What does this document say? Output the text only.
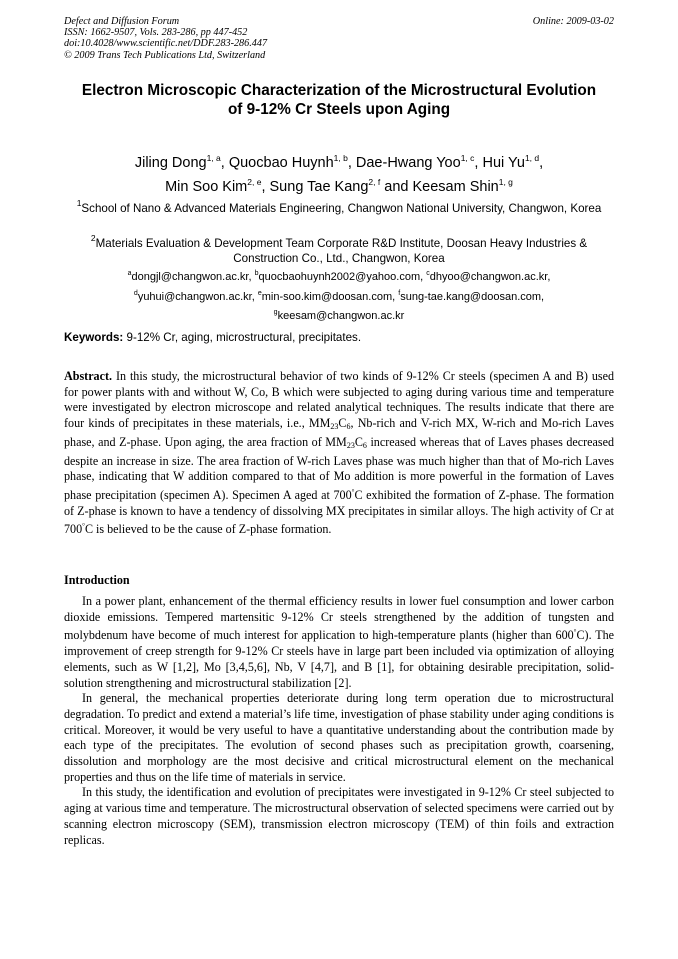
Defect and Diffusion Forum
ISSN: 1662-9507, Vols. 283-286, pp 447-452
doi:10.4028/www.scientific.net/DDF.283-286.447
© 2009 Trans Tech Publications Ltd, Switzerland
Online: 2009-03-02
Electron Microscopic Characterization of the Microstructural Evolution
of 9-12% Cr Steels upon Aging
Jiling Dong$^{1, a}$, Quocbao Huynh$^{1, b}$, Dae-Hwang Yoo$^{1, c}$, Hui Yu$^{1, d}$,
Min Soo Kim$^{2, e}$, Sung Tae Kang$^{2, f}$ and Keesam Shin$^{1, g}$
$^1$School of Nano & Advanced Materials Engineering, Changwon National University, Changwon, Korea
$^2$Materials Evaluation & Development Team Corporate R&D Institute, Doosan Heavy Industries & Construction Co., Ltd., Changwon, Korea
$^a$dongjl@changwon.ac.kr, $^b$quocbaohuynh2002@yahoo.com, $^c$dhyoo@changwon.ac.kr,
$^d$yuhui@changwon.ac.kr, $^e$min-soo.kim@doosan.com, $^f$sung-tae.kang@doosan.com,
$^g$keesam@changwon.ac.kr
Keywords: 9-12% Cr, aging, microstructural, precipitates.
Abstract. In this study, the microstructural behavior of two kinds of 9-12% Cr steels (specimen A and B) used for power plants with and without W, Co, B which were subjected to aging during various time and temperature were investigated by electron microscope and related analytical techniques. The results indicate that there are four kinds of precipitates in these materials, i.e., $MM_{23}C_6$, Nb-rich and V-rich MX, W-rich and Mo-rich Laves phase, and Z-phase. Upon aging, the area fraction of $MM_{23}C_6$ increased whereas that of Laves phases decreased despite an increase in size. The area fraction of W-rich Laves phase was much higher than that of Mo-rich Laves phase, indicating that W addition compared to that of Mo addition is more powerful in the formation of Laves phase precipitation (specimen A). Specimen A aged at 700°C exhibited the formation of Z-phase. The formation of Z-phase is known to have a tendency of dissolving MX precipitates in similar alloys. The high activity of Cr at 700°C is believed to be the cause of Z-phase formation.
Introduction

In a power plant, enhancement of the thermal efficiency results in lower fuel consumption and lower carbon dioxide emissions. Tempered martensitic 9-12% Cr steels strengthened by the addition of tungsten and molybdenum have become of much interest for application to high-temperature plants (higher than 600°C). The improvement of creep strength for 9-12% Cr steels have in large part been included via optimization of alloying elements, such as W [1,2], Mo [3,4,5,6], Nb, V [4,7], and B [1], for obtaining desirable precipitation, solid-solution strengthening and microstructural stabilization [2].

In general, the mechanical properties deteriorate during long term operation due to microstructural degradation. To predict and extend a material’s life time, investigation of phase stability under aging conditions is critical. Moreover, it would be very useful to have a quantitative understanding about the contribution made by each type of the precipitates. The evolution of second phases such as precipitation growth, coarsening, dissolution and morphology are the most decisive and critical microstructural element on the mechanical properties and thus on the life time of materials in service.

In this study, the identification and evolution of precipitates were investigated in 9-12% Cr steel subjected to aging at various time and temperature. The microstructural observation of selected specimens were carried out by scanning electron microscopy (SEM), transmission electron microscopy (TEM) of thin foils and extraction replicas.
